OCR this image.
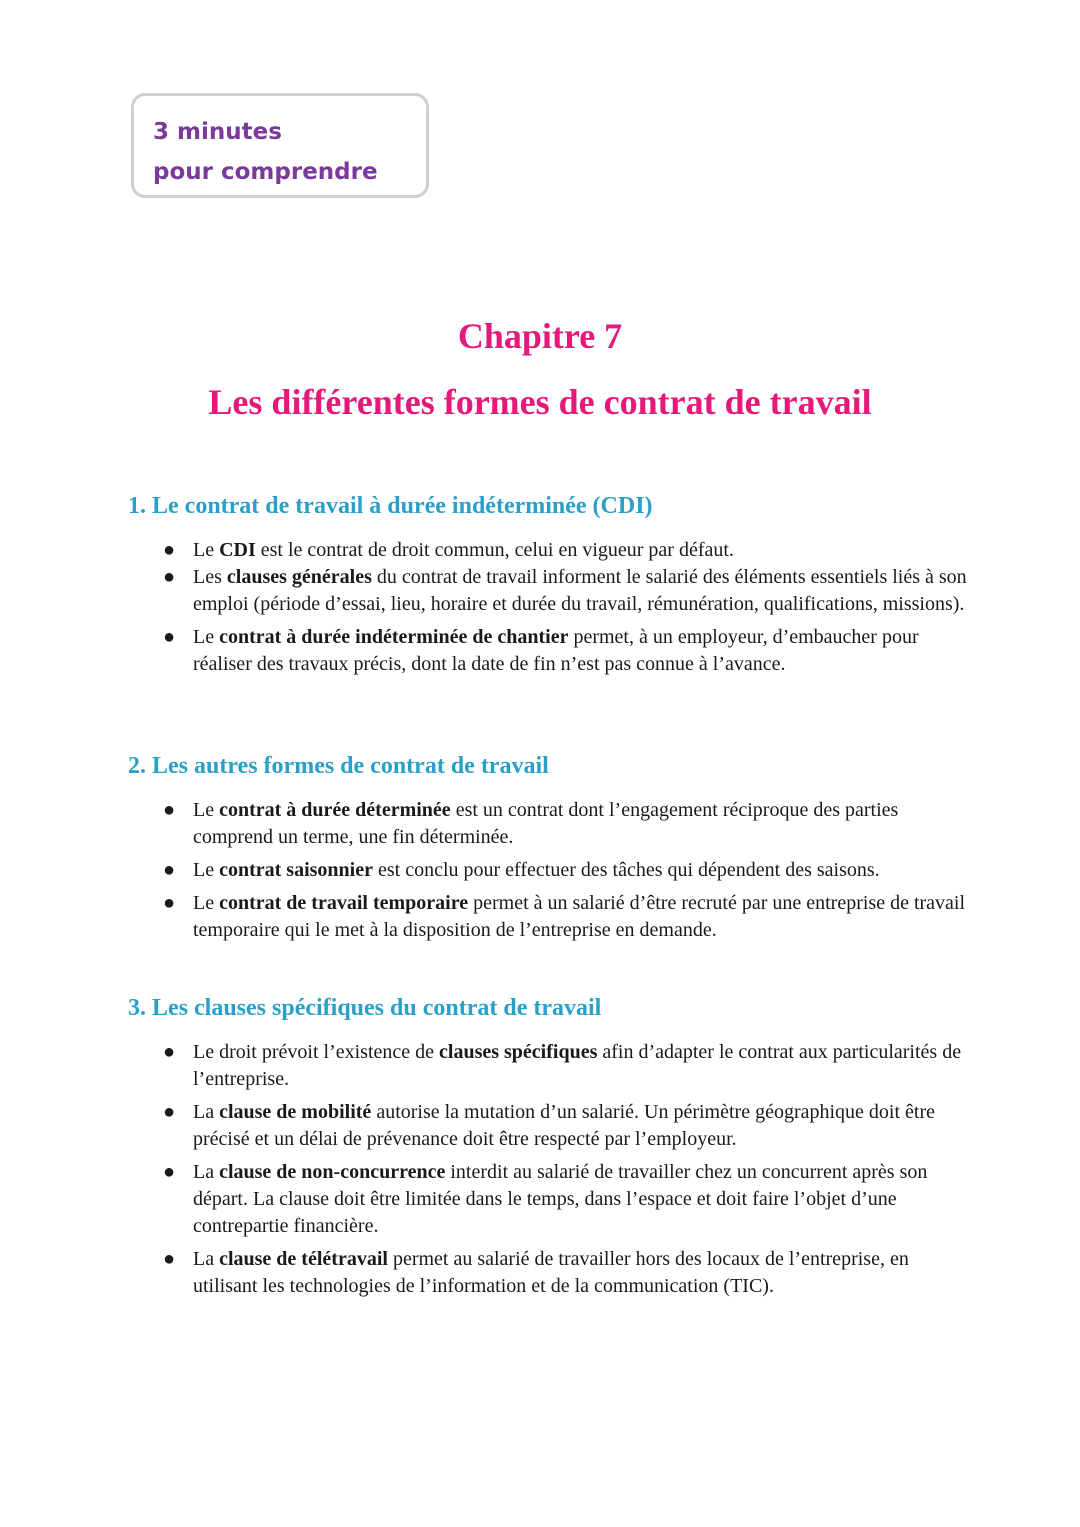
3 minutes
pour comprendre
Chapitre 7
Les différentes formes de contrat de travail
1. Le contrat de travail à durée indéterminée (CDI)
● Le CDI est le contrat de droit commun, celui en vigueur par défaut.
● Les clauses générales du contrat de travail informent le salarié des éléments essentiels liés à son emploi (période d’essai, lieu, horaire et durée du travail, rémunération, qualifications, missions).
● Le contrat à durée indéterminée de chantier permet, à un employeur, d’embaucher pour réaliser des travaux précis, dont la date de fin n’est pas connue à l’avance.
2. Les autres formes de contrat de travail
● Le contrat à durée déterminée est un contrat dont l’engagement réciproque des parties comprend un terme, une fin déterminée.
● Le contrat saisonnier est conclu pour effectuer des tâches qui dépendent des saisons.
● Le contrat de travail temporaire permet à un salarié d’être recruté par une entreprise de travail temporaire qui le met à la disposition de l’entreprise en demande.
3. Les clauses spécifiques du contrat de travail
● Le droit prévoit l’existence de clauses spécifiques afin d’adapter le contrat aux particularités de l’entreprise.
● La clause de mobilité autorise la mutation d’un salarié. Un périmètre géographique doit être précisé et un délai de prévenance doit être respecté par l’employeur.
● La clause de non-concurrence interdit au salarié de travailler chez un concurrent après son départ. La clause doit être limitée dans le temps, dans l’espace et doit faire l’objet d’une contrepartie financière.
● La clause de télétravail permet au salarié de travailler hors des locaux de l’entreprise, en utilisant les technologies de l’information et de la communication (TIC).
